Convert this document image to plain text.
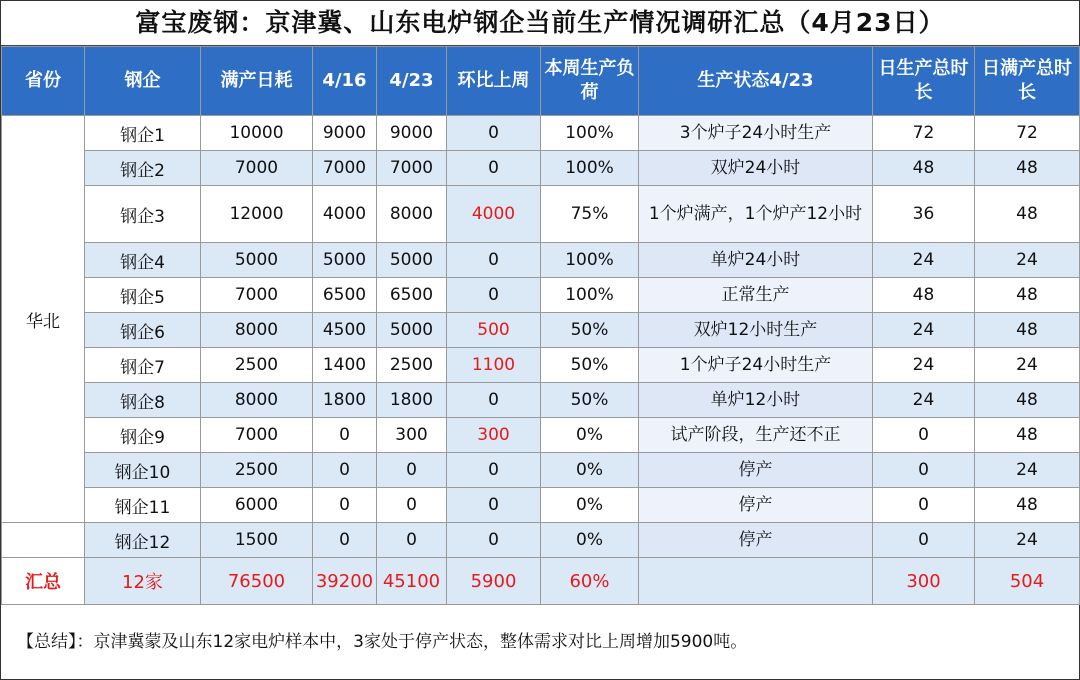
富宝废钢：京津冀、山东电炉钢企当前生产情况调研汇总（4月23日）
省份	钢企	满产日耗	4/16	4/23	环比上周	本周生产负荷	生产状态4/23	日生产总时长	日满产总时长
华北	钢企1	10000	9000	9000	0	100%	3个炉子24小时生产	72	72
	钢企2	7000	7000	7000	0	100%	双炉24小时	48	48
	钢企3	12000	4000	8000	4000	75%	1个炉满产，1个炉产12小时	36	48
	钢企4	5000	5000	5000	0	100%	单炉24小时	24	24
	钢企5	7000	6500	6500	0	100%	正常生产	48	48
	钢企6	8000	4500	5000	500	50%	双炉12小时生产	24	48
	钢企7	2500	1400	2500	1100	50%	1个炉子24小时生产	24	24
	钢企8	8000	1800	1800	0	50%	单炉12小时	24	48
	钢企9	7000	0	300	300	0%	试产阶段，生产还不正	0	48
	钢企10	2500	0	0	0	0%	停产	0	24
	钢企11	6000	0	0	0	0%	停产	0	48
	钢企12	1500	0	0	0	0%	停产	0	24
汇总	12家	76500	39200	45100	5900	60%		300	504
【总结】：京津冀蒙及山东12家电炉样本中，3家处于停产状态，整体需求对比上周增加5900吨。
